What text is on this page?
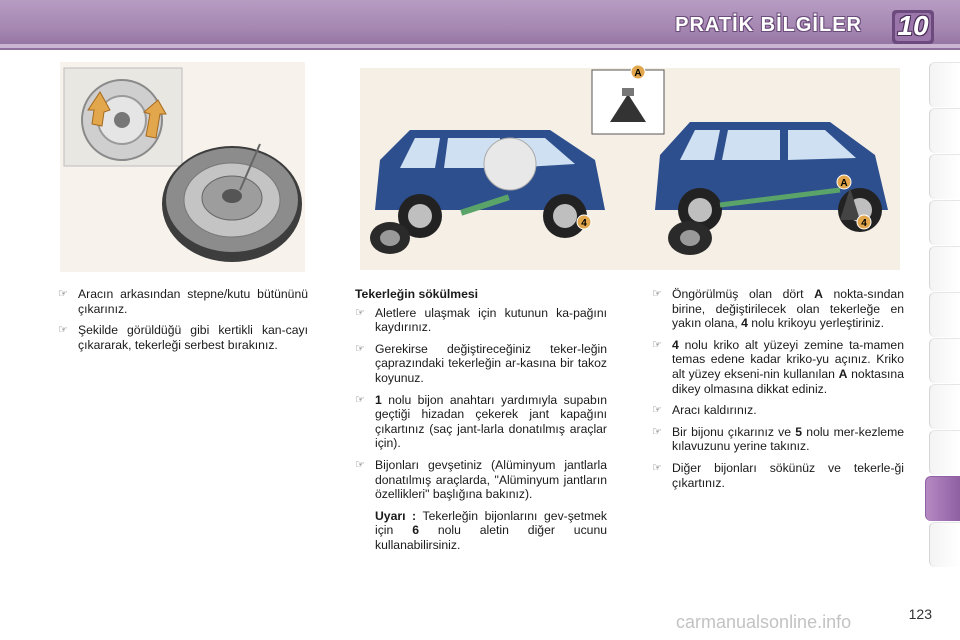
PRATİK BİLGİLER	10
A
4
A
4
☞ Aracın arkasından stepne/kutu bütününü çıkarınız.
☞ Şekilde görüldüğü gibi kertikli kan-cayı çıkararak, tekerleği serbest bırakınız.
Tekerleğin sökülmesi
☞ Aletlere ulaşmak için kutunun ka-pağını kaydırınız.
☞ Gerekirse değiştireceğiniz teker-leğin çaprazındaki tekerleğin ar-kasına bir takoz koyunuz.
☞ 1 nolu bijon anahtarı yardımıyla supabın geçtiği hizadan çekerek jant kapağını çıkartınız (saç jant-larla donatılmış araçlar için).
☞ Bijonları gevşetiniz (Alüminyum jantlarla donatılmış araçlarda, "Alüminyum jantların özellikleri" başlığına bakınız).
Uyarı : Tekerleğin bijonlarını gev-şetmek için 6 nolu aletin diğer ucunu kullanabilirsiniz.
☞ Öngörülmüş olan dört A nokta-sından birine, değiştirilecek olan tekerleğe en yakın olana, 4 nolu krikoyu yerleştiriniz.
☞ 4 nolu kriko alt yüzeyi zemine ta-mamen temas edene kadar kriko-yu açınız. Kriko alt yüzey ekseni-nin kullanılan A noktasına dikey olmasına dikkat ediniz.
☞ Aracı kaldırınız.
☞ Bir bijonu çıkarınız ve 5 nolu mer-kezleme kılavuzunu yerine takınız.
☞ Diğer bijonları sökünüz ve tekerle-ği çıkartınız.
123
carmanualsonline.info
